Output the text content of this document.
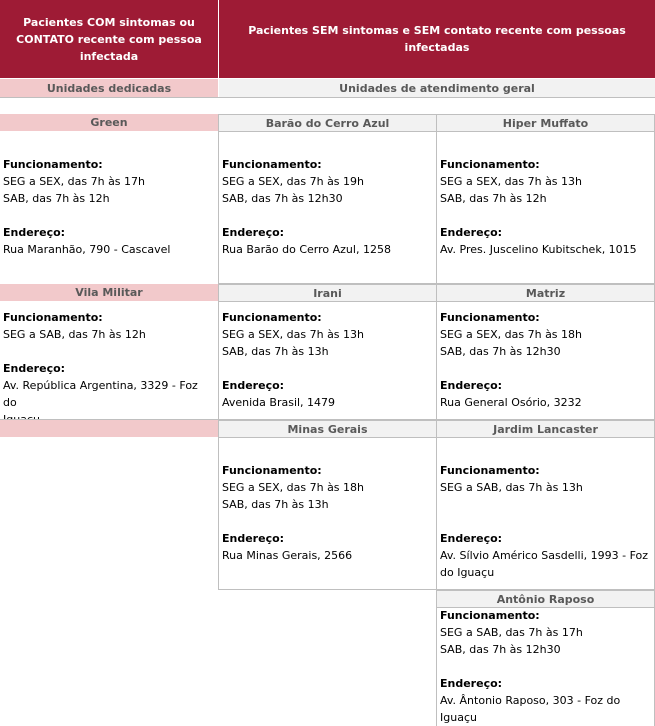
Pacientes COM sintomas ou CONTATO recente com pessoa infectada
Pacientes SEM sintomas e SEM contato recente com pessoas infectadas
Unidades dedicadas	Unidades de atendimento geral
Green	Barão do Cerro Azul	Hiper Muffato
Funcionamento:
SEG a SEX, das 7h às 17h
SAB, das 7h às 12h
Endereço:
Rua Maranhão, 790 - Cascavel
Funcionamento:
SEG a SEX, das 7h às 19h
SAB, das 7h às 12h30
Endereço:
Rua Barão do Cerro Azul, 1258
Funcionamento:
SEG a SEX, das 7h às 13h
SAB, das 7h às 12h
Endereço:
Av. Pres. Juscelino Kubitschek, 1015
Vila Militar	Irani	Matriz
Funcionamento:
SEG a SAB, das 7h às 12h
Endereço:
Av. República Argentina, 3329 - Foz do
Funcionamento:
SEG a SEX, das 7h às 13h
SAB, das 7h às 13h
Endereço:
Avenida Brasil, 1479
Funcionamento:
SEG a SEX, das 7h às 18h
SAB, das 7h às 12h30
Endereço:
Rua General Osório, 3232
Minas Gerais	Jardim Lancaster
Funcionamento:
SEG a SEX, das 7h às 18h
SAB, das 7h às 13h
Endereço:
Rua Minas Gerais, 2566
Funcionamento:
SEG a SAB, das 7h às 13h
Endereço:
Av. Sílvio Américo Sasdelli, 1993 - Foz
do Iguaçu
Antônio Raposo
Funcionamento:
SEG a SAB, das 7h às 17h
SAB, das 7h às 12h30
Endereço:
Av. Ântonio Raposo, 303 - Foz do
Iguaçu
